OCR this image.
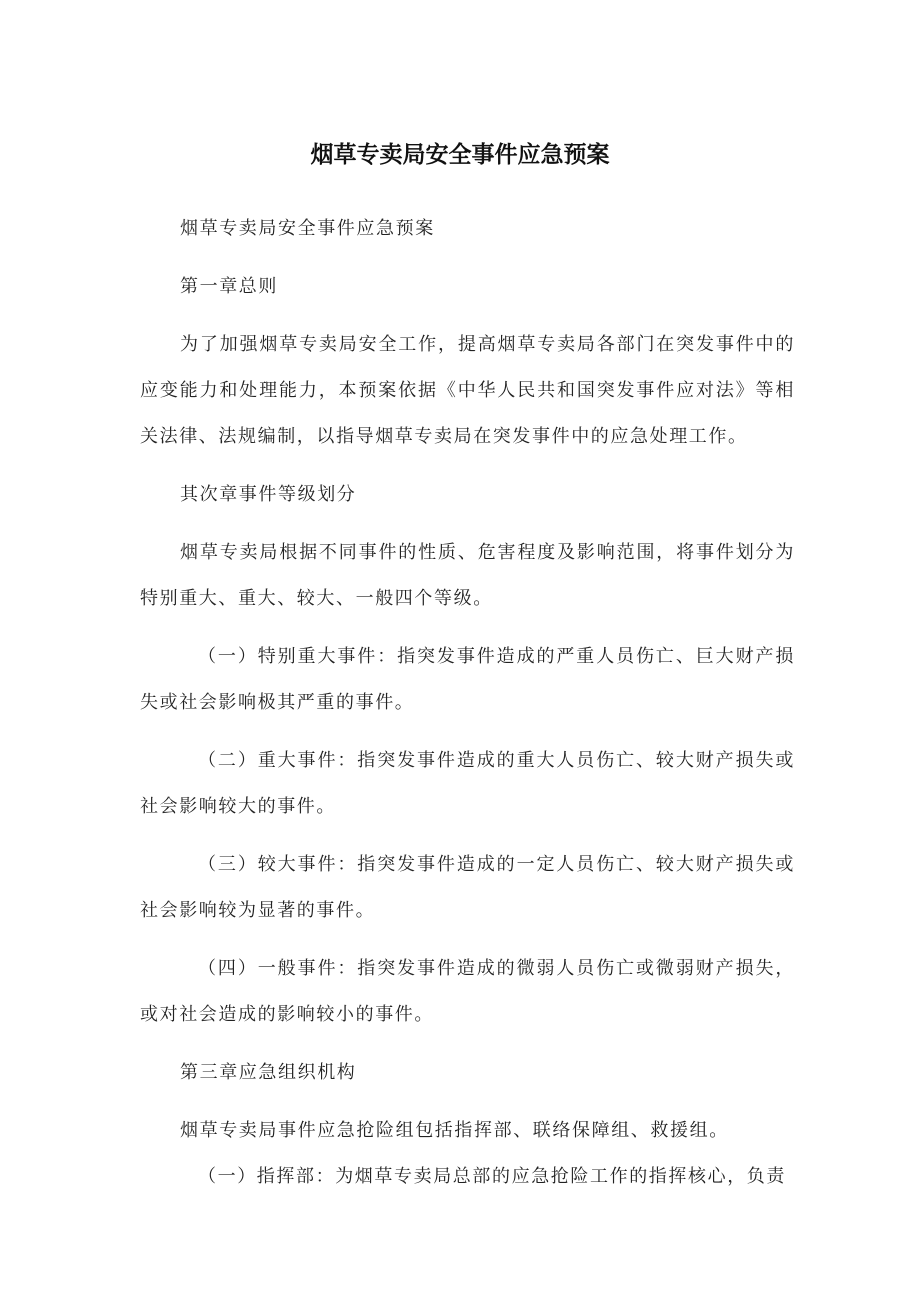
烟草专卖局安全事件应急预案

烟草专卖局安全事件应急预案

第一章总则

为了加强烟草专卖局安全工作，提高烟草专卖局各部门在突发事件中的应变能力和处理能力，本预案依据《中华人民共和国突发事件应对法》等相关法律、法规编制，以指导烟草专卖局在突发事件中的应急处理工作。

其次章事件等级划分

烟草专卖局根据不同事件的性质、危害程度及影响范围，将事件划分为特别重大、重大、较大、一般四个等级。

（一）特别重大事件：指突发事件造成的严重人员伤亡、巨大财产损失或社会影响极其严重的事件。

（二）重大事件：指突发事件造成的重大人员伤亡、较大财产损失或社会影响较大的事件。

（三）较大事件：指突发事件造成的一定人员伤亡、较大财产损失或社会影响较为显著的事件。

（四）一般事件：指突发事件造成的微弱人员伤亡或微弱财产损失，或对社会造成的影响较小的事件。

第三章应急组织机构

烟草专卖局事件应急抢险组包括指挥部、联络保障组、救援组。

（一）指挥部：为烟草专卖局总部的应急抢险工作的指挥核心，负责
